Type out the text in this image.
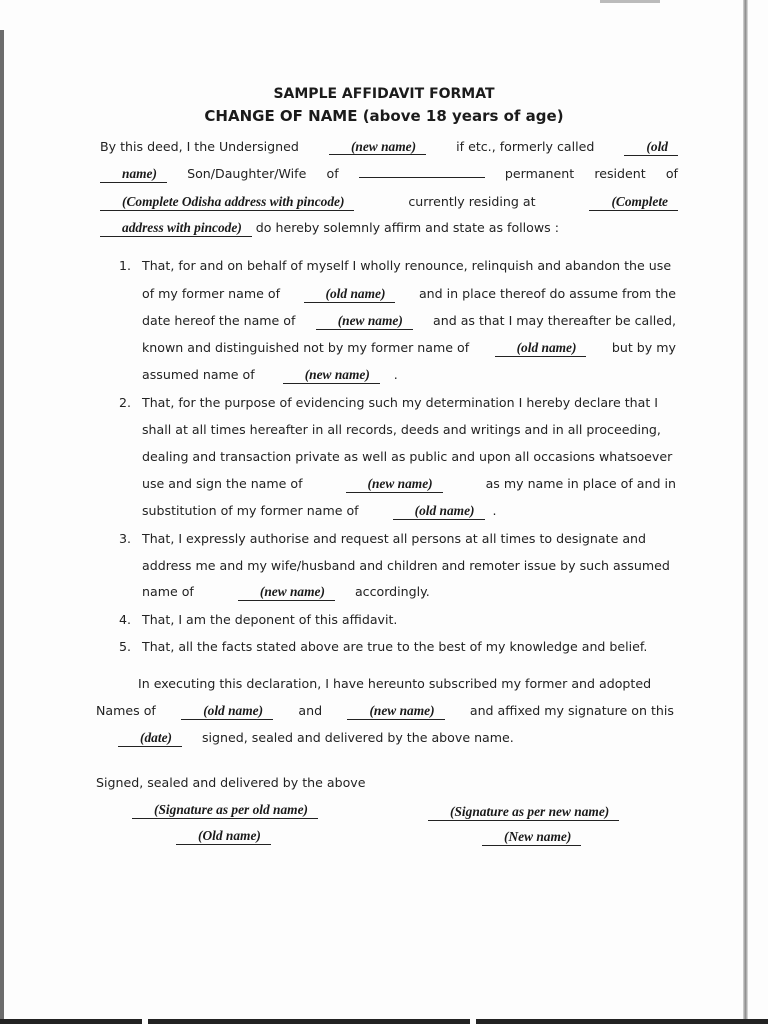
SAMPLE AFFIDAVIT FORMAT
CHANGE OF NAME (above 18 years of age)
By this deed, I the Undersigned	(new name)	if etc., formerly called	(old
name)	Son/Daughter/Wife of	permanent resident of
(Complete Odisha address with pincode)	currently residing at	(Complete
address with pincode)	do hereby solemnly affirm and state as follows :
1. That, for and on behalf of myself I wholly renounce, relinquish and abandon the use
of my former name of	(old name)	and in place thereof do assume from the
date hereof the name of	(new name)	and as that I may thereafter be called,
known and distinguished not by my former name of	(old name)	but by my
assumed name of	(new name)	.
2. That, for the purpose of evidencing such my determination I hereby declare that I
shall at all times hereafter in all records, deeds and writings and in all proceeding,
dealing and transaction private as well as public and upon all occasions whatsoever
use and sign the name of	(new name)	as my name in place of and in
substitution of my former name of	(old name)	.
3. That, I expressly authorise and request all persons at all times to designate and
address me and my wife/husband and children and remoter issue by such assumed
name of	(new name)	accordingly.
4. That, I am the deponent of this affidavit.
5. That, all the facts stated above are true to the best of my knowledge and belief.
In executing this declaration, I have hereunto subscribed my former and adopted
Names of	(old name)	and	(new name)	and affixed my signature on this
(date)	signed, sealed and delivered by the above name.
Signed, sealed and delivered by the above
(Signature as per old name)
(Old name)
(Signature as per new name)
(New name)
